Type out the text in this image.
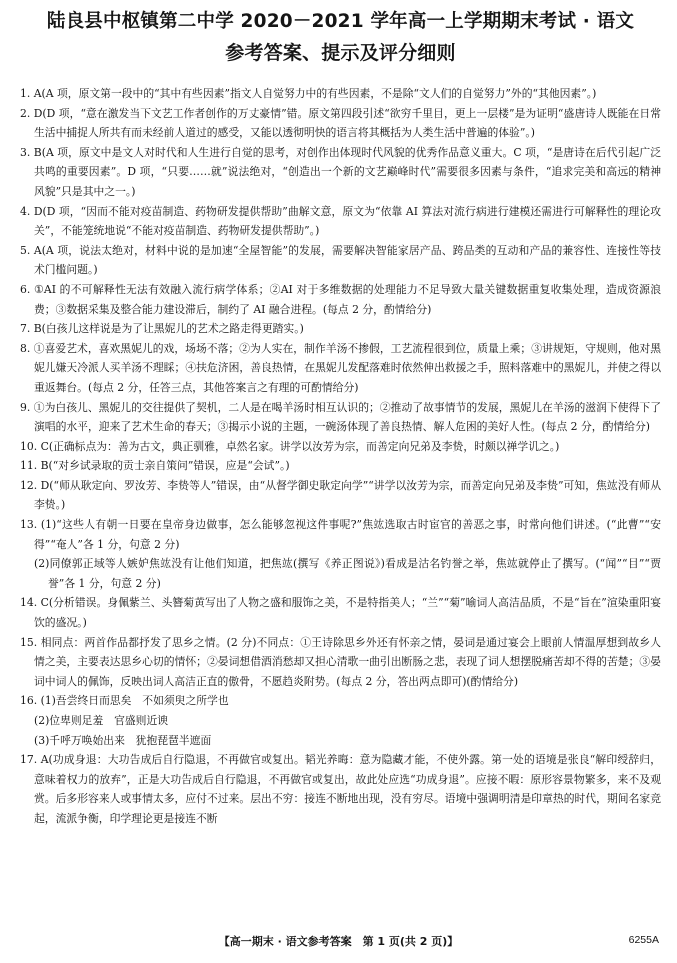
陆良县中枢镇第二中学 2020－2021 学年高一上学期期末考试 · 语文
参考答案、提示及评分细则

1. A(A 项，原文第一段中的“其中有些因素”指文人自觉努力中的有些因素，不是除“文人们的自觉努力”外的“其他因素”。)

2. D(D 项，“意在激发当下文艺工作者创作的万丈豪情”错。原文第四段引述“欲穷千里目，更上一层楼”是为证明“盛唐诗人既能在日常生活中捕捉人所共有而未经前人道过的感受，又能以透彻明快的语言将其概括为人类生活中普遍的体验”。)

3. B(A 项，原文中是文人对时代和人生进行自觉的思考，对创作出体现时代风貌的优秀作品意义重大。C 项，“是唐诗在后代引起广泛共鸣的重要因素”。D 项，“只要……就”说法绝对，“创造出一个新的文艺巅峰时代”需要很多因素与条件，“追求完美和高远的精神风貌”只是其中之一。)

4. D(D 项，“因而不能对疫苗制造、药物研发提供帮助”曲解文意，原文为“依靠 AI 算法对流行病进行建模还需进行可解释性的理论攻关”，不能笼统地说“不能对疫苗制造、药物研发提供帮助”。)

5. A(A 项，说法太绝对，材料中说的是加速“全屋智能”的发展，需要解决智能家居产品、跨品类的互动和产品的兼容性、连接性等技术门槛问题。)

6. ①AI 的不可解释性无法有效融入流行病学体系；②AI 对于多维数据的处理能力不足导致大量关键数据重复收集处理，造成资源浪费；③数据采集及整合能力建设滞后，制约了 AI 融合进程。(每点 2 分，酌情给分)

7. B(白孩儿这样说是为了让黑妮儿的艺术之路走得更踏实。)

8. ①喜爱艺术，喜欢黑妮儿的戏，场场不落；②为人实在，制作羊汤不掺假，工艺流程很到位，质量上乘；③讲规矩，守规则，他对黑妮儿嫌天冷派人买羊汤不理睬；④扶危济困，善良热情，在黑妮儿发配落难时依然伸出救援之手，照料落难中的黑妮儿，并使之得以重返舞台。(每点 2 分，任答三点，其他答案言之有理的可酌情给分)

9. ①为白孩儿、黑妮儿的交往提供了契机，二人是在喝羊汤时相互认识的；②推动了故事情节的发展，黑妮儿在羊汤的滋润下使得下了演唱的水平，迎来了艺术生命的春天；③揭示小说的主题，一碗汤体现了善良热情、解人危困的美好人性。(每点 2 分，酌情给分)

10. C(正确标点为：善为古文，典正驯雅，卓然名家。讲学以汝芳为宗，而善定向兄弟及李贽，时颇以禅学讥之。)

11. B(“对乡试录取的贡士亲自策问”错误，应是“会试”。)

12. D(“师从耿定向、罗汝芳、李贽等人”错误，由“从督学御史耿定向学”“讲学以汝芳为宗，而善定向兄弟及李贽”可知，焦竑没有师从李贽。)

13. (1)“这些人有朝一日要在皇帝身边做事，怎么能够忽视这件事呢?”焦竑选取古时宦官的善恶之事，时常向他们讲述。(“此曹”“安得”“奄人”各 1 分，句意 2 分)

(2)同僚郭正域等人嫉妒焦竑没有让他们知道，把焦竑(撰写《养正图说》)看成是沽名钓誉之举，焦竑就停止了撰写。(“闻”“目”“贾誉”各 1 分，句意 2 分)

14. C(分析错误。身佩紫兰、头簪菊黄写出了人物之盛和服饰之美，不是特指美人；“兰”“菊”喻词人高洁品质，不是“旨在”渲染重阳宴饮的盛况。)

15. 相同点：两首作品都抒发了思乡之情。(2 分)不同点：①王诗除思乡外还有怀亲之情，晏词是通过宴会上眼前人情温厚想到故乡人情之美，主要表达思乡心切的情怀；②晏词想借酒消愁却又担心清歌一曲引出断肠之悲，表现了词人想摆脱痛苦却不得的苦楚；③晏词中词人的佩饰，反映出词人高洁正直的傲骨，不愿趋炎附势。(每点 2 分，答出两点即可)(酌情给分)

16. (1)吾尝终日而思矣　不如须臾之所学也

(2)位卑则足羞　官盛则近谀

(3)千呼万唤始出来　犹抱琵琶半遮面

17. A(功成身退：大功告成后自行隐退，不再做官或复出。韬光养晦：意为隐藏才能，不使外露。第一处的语境是张良“解印绶辞归，意味着权力的放弃”，正是大功告成后自行隐退，不再做官或复出，故此处应选“功成身退”。应接不暇：原形容景物繁多，来不及观赏。后多形容来人或事情太多，应付不过来。层出不穷：接连不断地出现，没有穷尽。语境中强调明清是印章热的时代，期间名家竞起，流派争衡，印学理论更是接连不断

【高一期末 · 语文参考答案　第 1 页(共 2 页)】	6255A
